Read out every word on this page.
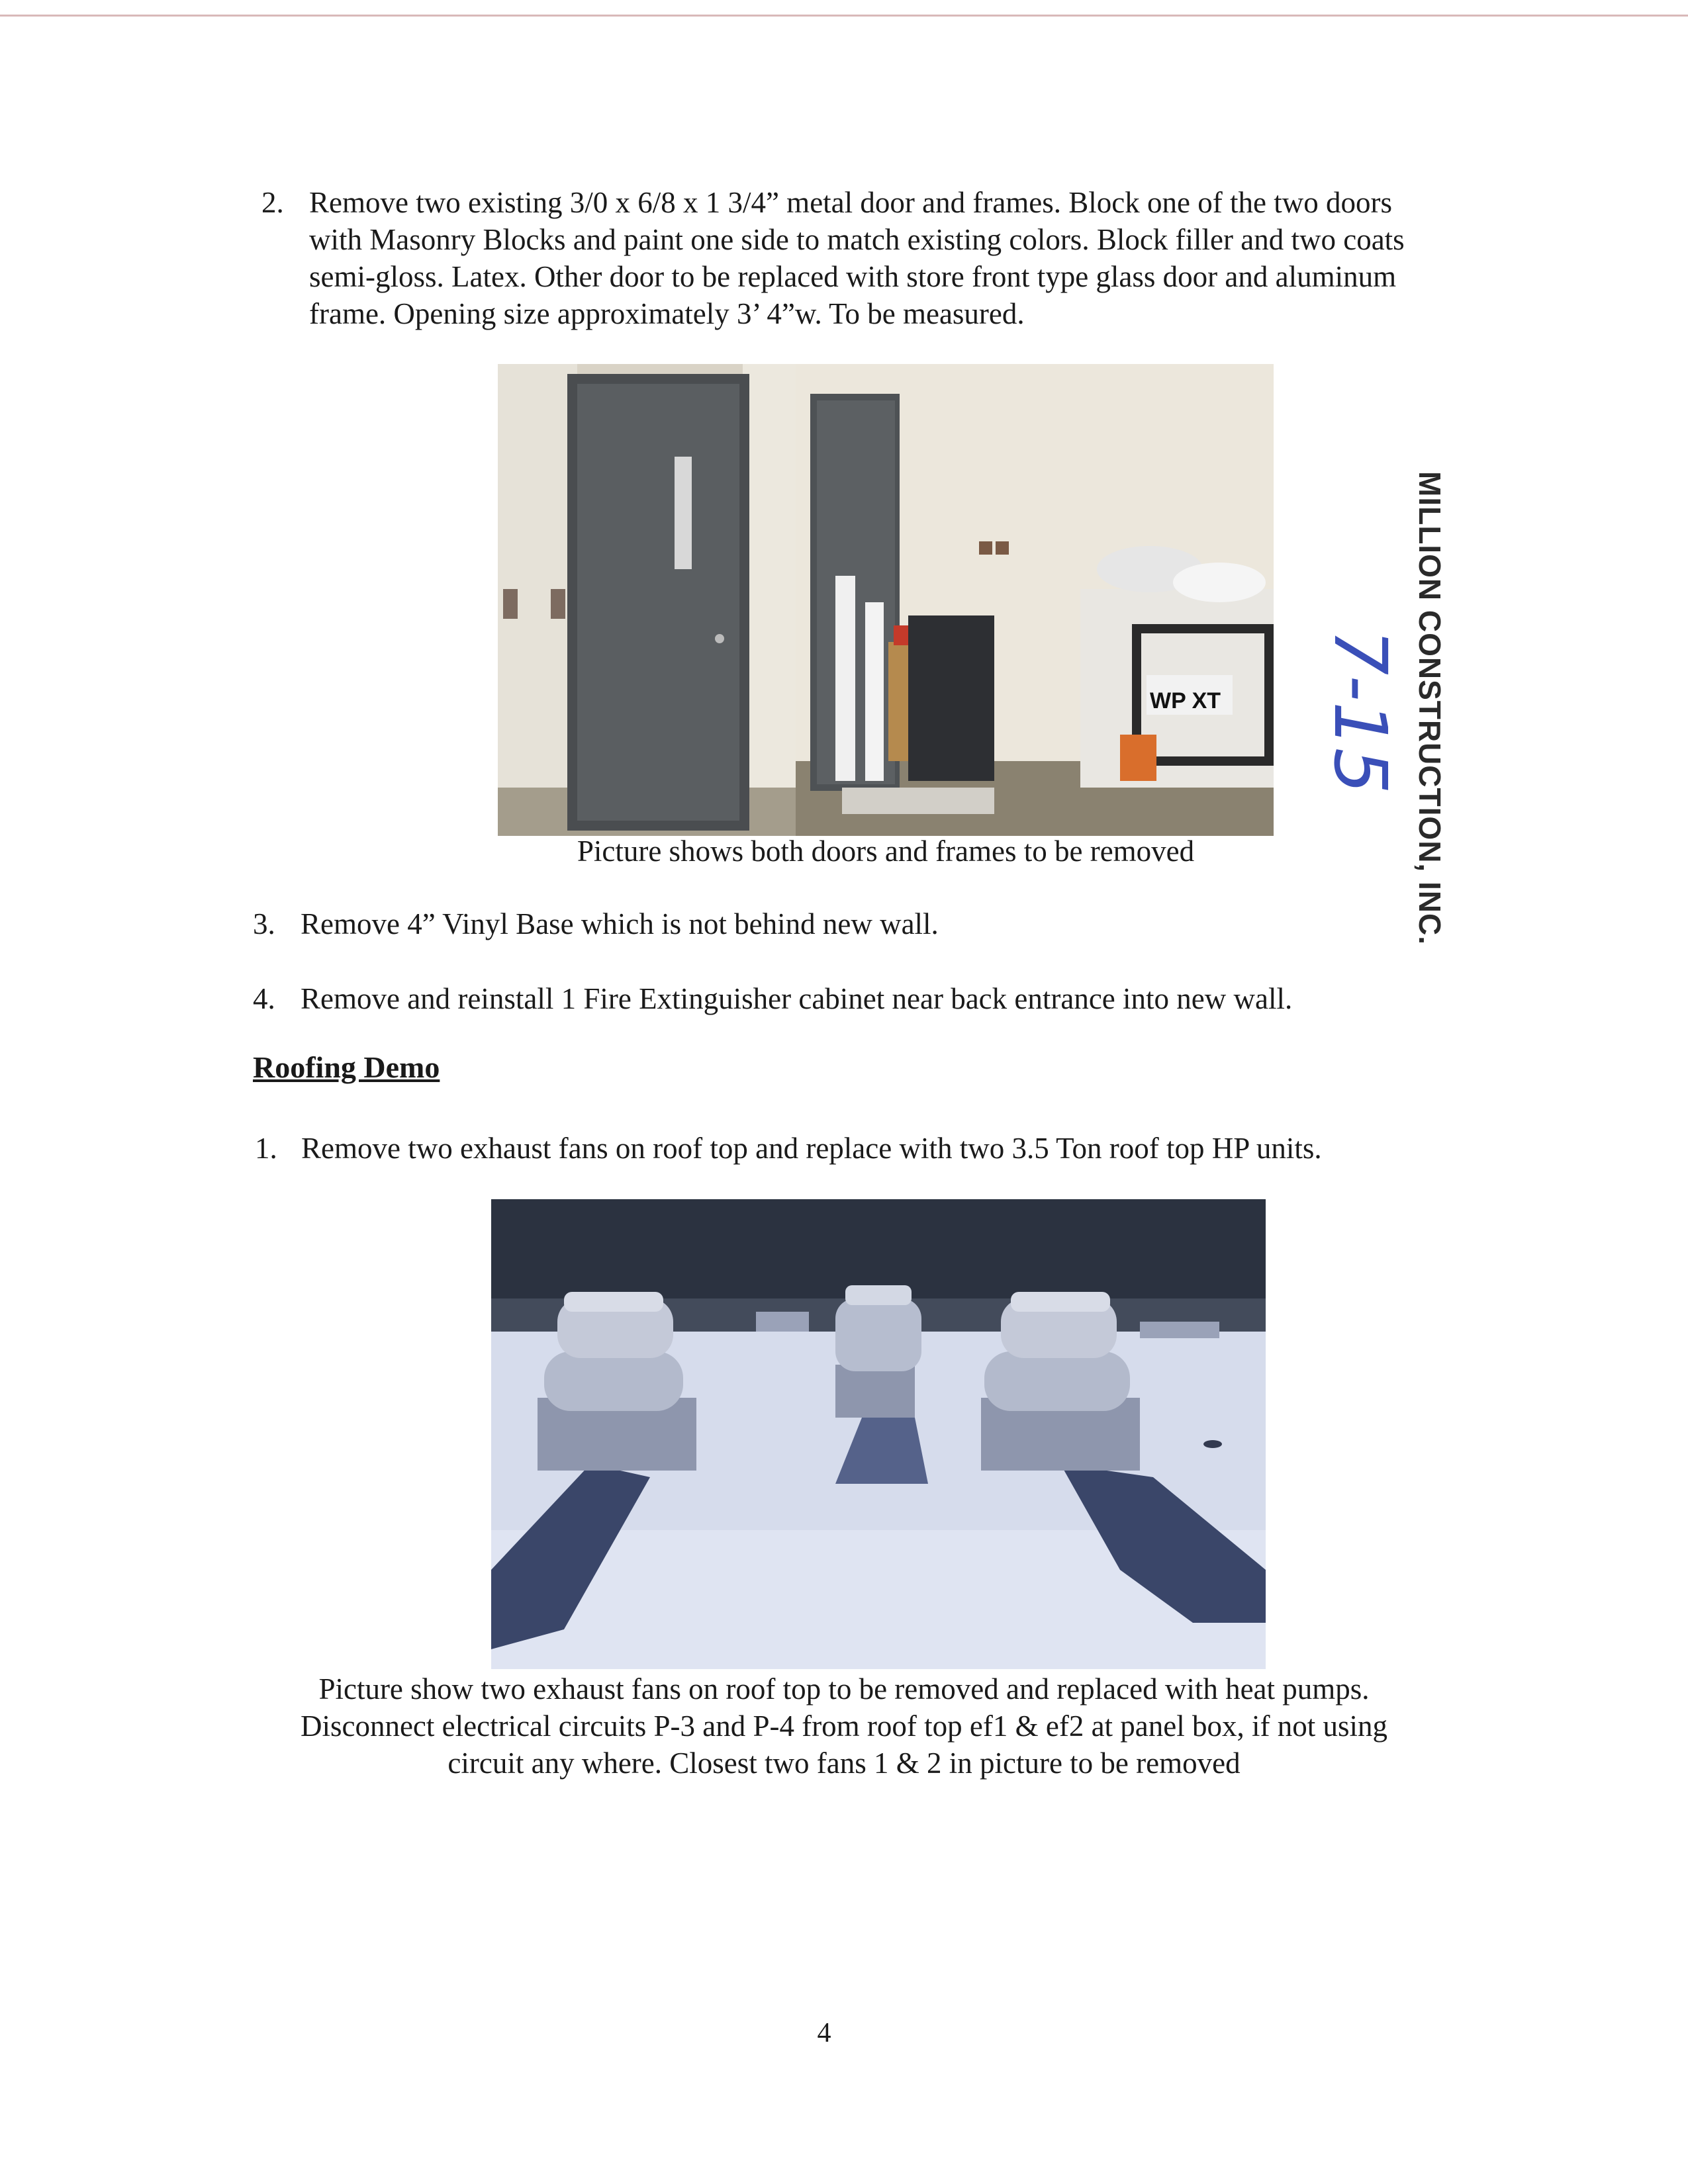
2. Remove two existing 3/0 x 6/8 x 1 3/4” metal door and frames. Block one of the two doors
with Masonry Blocks and paint one side to match existing colors. Block filler and two coats
semi-gloss. Latex. Other door to be replaced with store front type glass door and aluminum
frame. Opening size approximately 3’ 4”w. To be measured.
WP XT
Picture shows both doors and frames to be removed
3. Remove 4” Vinyl Base which is not behind new wall.
4. Remove and reinstall 1 Fire Extinguisher cabinet near back entrance into new wall.
Roofing Demo
1. Remove two exhaust fans on roof top and replace with two 3.5 Ton roof top HP units.
Picture show two exhaust fans on roof top to be removed and replaced with heat pumps.
Disconnect electrical circuits P-3 and P-4 from roof top ef1 & ef2 at panel box, if not using
circuit any where. Closest two fans 1 & 2 in picture to be removed
MILLION CONSTRUCTION, INC.
7-15
4
